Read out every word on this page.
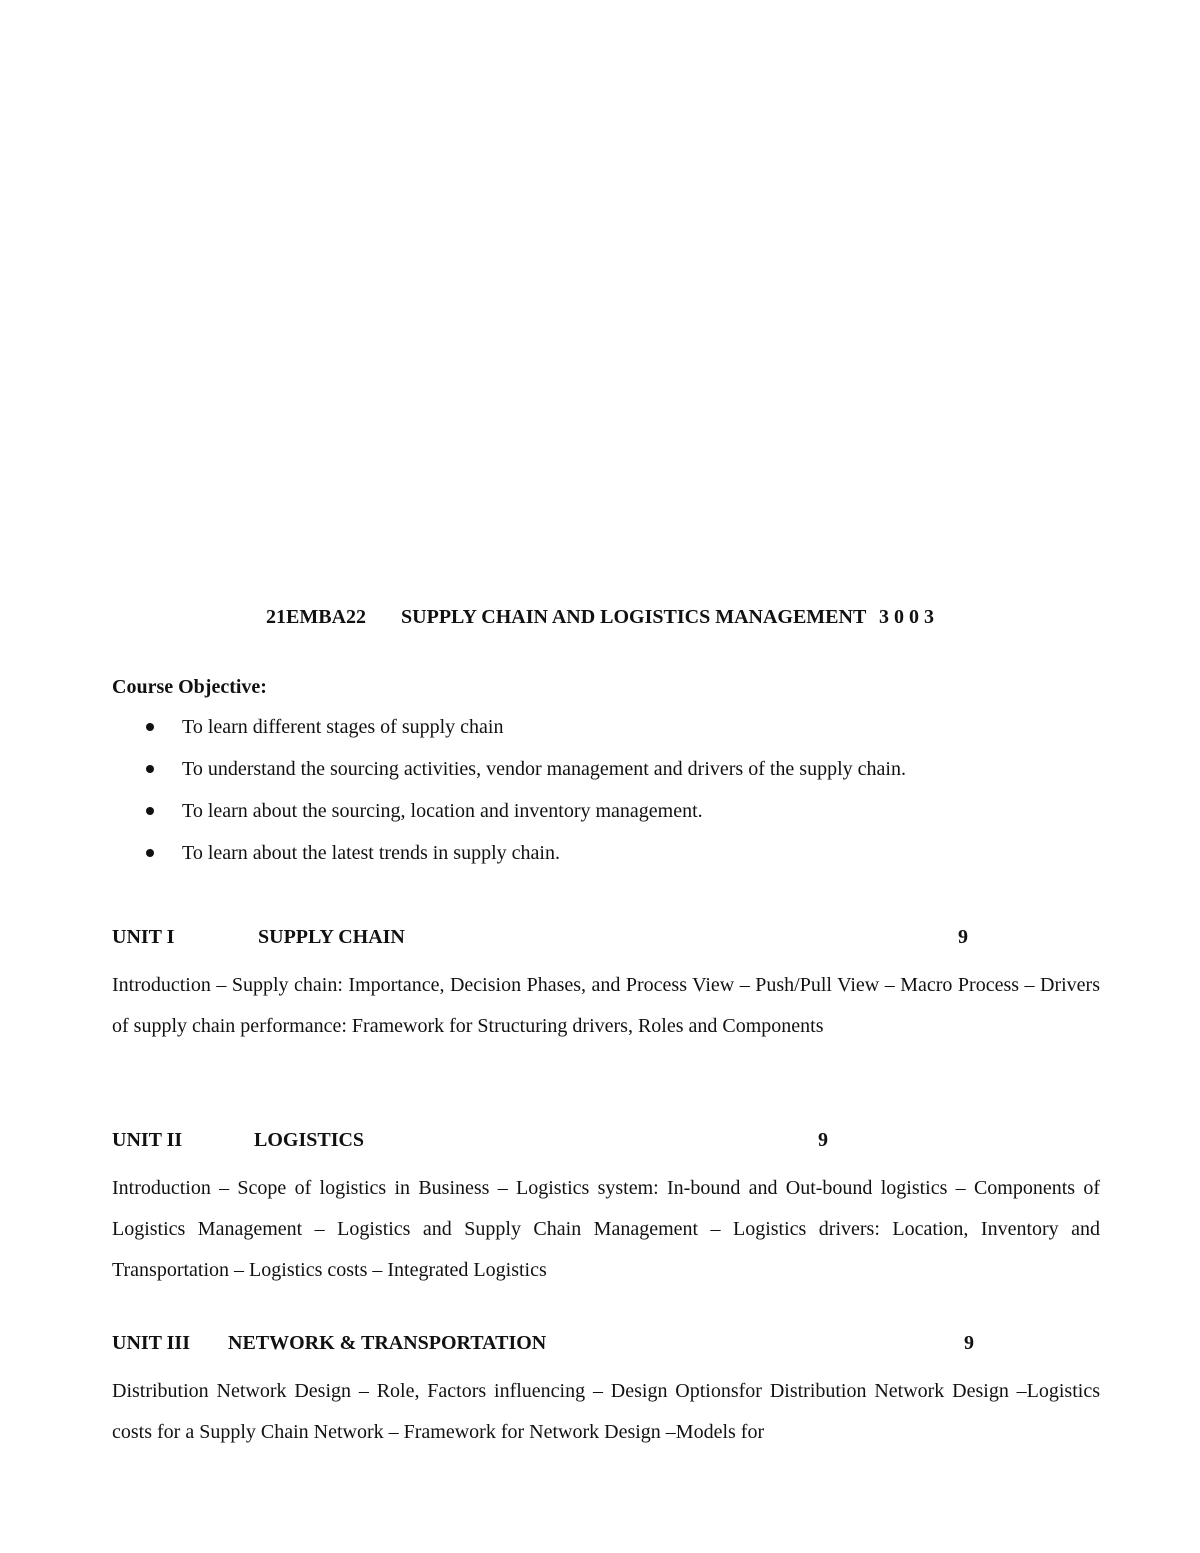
21EMBA22 SUPPLY CHAIN AND LOGISTICS MANAGEMENT 3 0 0 3
Course Objective:
To learn different stages of supply chain
To understand the sourcing activities, vendor management and drivers of the supply chain.
To learn about the sourcing, location and inventory management.
To learn about the latest trends in supply chain.
UNIT I	SUPPLY CHAIN	9
Introduction – Supply chain: Importance, Decision Phases, and Process View – Push/Pull View – Macro Process – Drivers of supply chain performance: Framework for Structuring drivers, Roles and Components
UNIT II	LOGISTICS	9
Introduction – Scope of logistics in Business – Logistics system: In-bound and Out-bound logistics – Components of Logistics Management – Logistics and Supply Chain Management – Logistics drivers: Location, Inventory and Transportation – Logistics costs – Integrated Logistics
UNIT III NETWORK & TRANSPORTATION	9
Distribution Network Design – Role, Factors influencing – Design Optionsfor Distribution Network Design –Logistics costs for a Supply Chain Network – Framework for Network Design –Models for
